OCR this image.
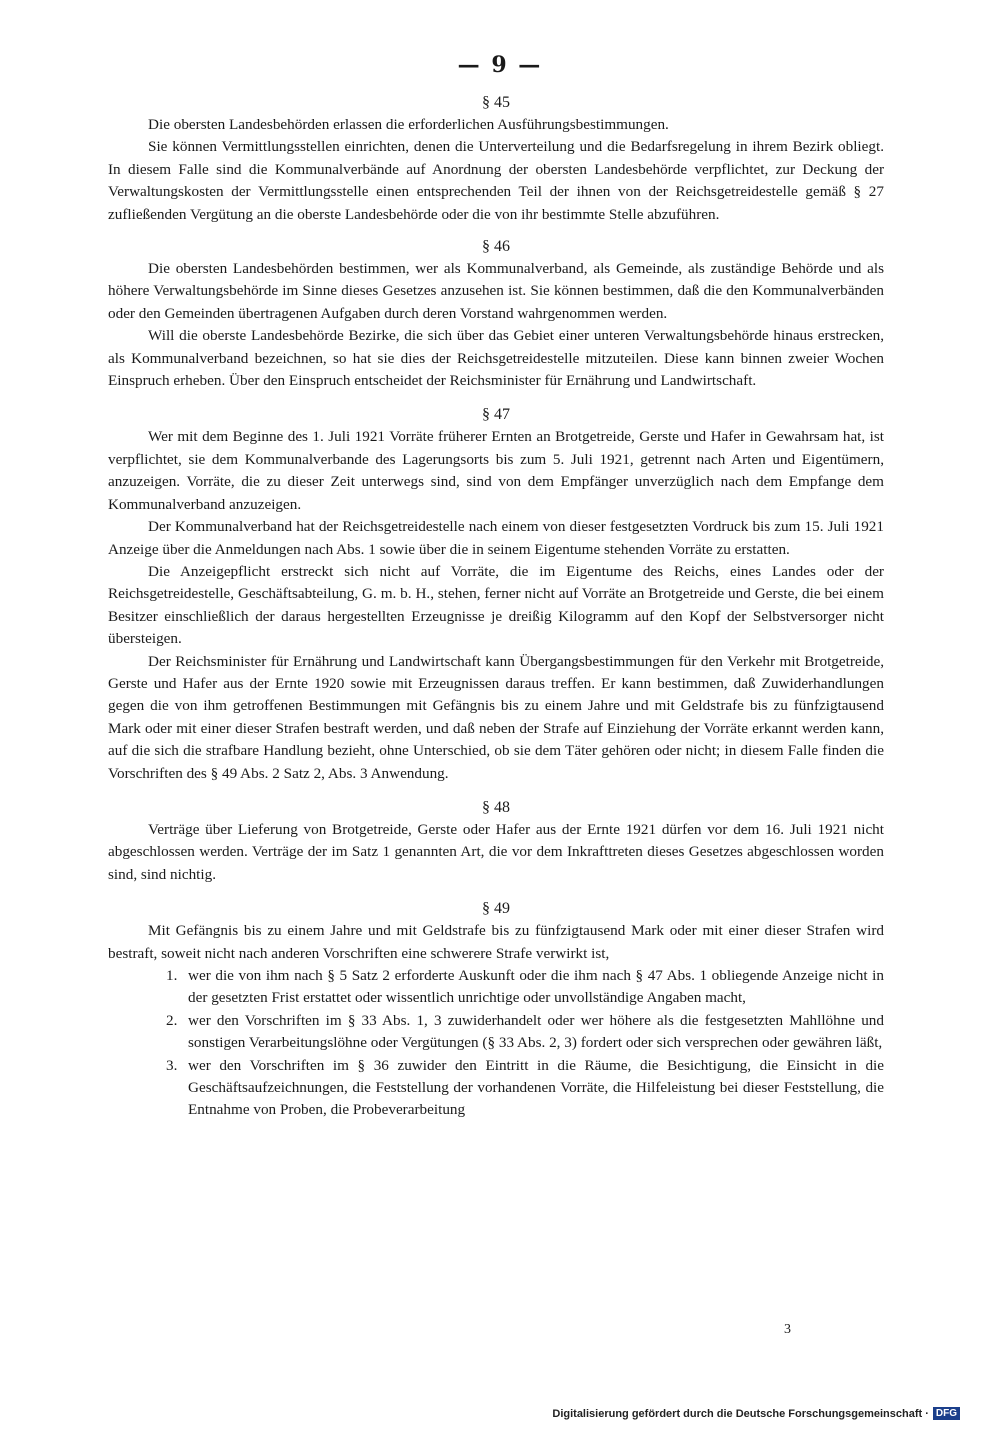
— 9 —
§ 45

Die obersten Landesbehörden erlassen die erforderlichen Ausführungsbestimmungen.

Sie können Vermittlungsstellen einrichten, denen die Unterverteilung und die Bedarfsregelung in ihrem Bezirk obliegt. In diesem Falle sind die Kommunalverbände auf Anordnung der obersten Landesbehörde verpflichtet, zur Deckung der Verwaltungskosten der Vermittlungsstelle einen entsprechenden Teil der ihnen von der Reichsgetreidestelle gemäß § 27 zufließenden Vergütung an die oberste Landesbehörde oder die von ihr bestimmte Stelle abzuführen.

§ 46

Die obersten Landesbehörden bestimmen, wer als Kommunalverband, als Gemeinde, als zuständige Behörde und als höhere Verwaltungsbehörde im Sinne dieses Gesetzes anzusehen ist. Sie können bestimmen, daß die den Kommunalverbänden oder den Gemeinden übertragenen Aufgaben durch deren Vorstand wahrgenommen werden.

Will die oberste Landesbehörde Bezirke, die sich über das Gebiet einer unteren Verwaltungsbehörde hinaus erstrecken, als Kommunalverband bezeichnen, so hat sie dies der Reichsgetreidestelle mitzuteilen. Diese kann binnen zweier Wochen Einspruch erheben. Über den Einspruch entscheidet der Reichsminister für Ernährung und Landwirtschaft.

§ 47

Wer mit dem Beginne des 1. Juli 1921 Vorräte früherer Ernten an Brotgetreide, Gerste und Hafer in Gewahrsam hat, ist verpflichtet, sie dem Kommunalverbande des Lagerungsorts bis zum 5. Juli 1921, getrennt nach Arten und Eigentümern, anzuzeigen. Vorräte, die zu dieser Zeit unterwegs sind, sind von dem Empfänger unverzüglich nach dem Empfange dem Kommunalverband anzuzeigen.

Der Kommunalverband hat der Reichsgetreidestelle nach einem von dieser festgesetzten Vordruck bis zum 15. Juli 1921 Anzeige über die Anmeldungen nach Abs. 1 sowie über die in seinem Eigentume stehenden Vorräte zu erstatten.

Die Anzeigepflicht erstreckt sich nicht auf Vorräte, die im Eigentume des Reichs, eines Landes oder der Reichsgetreidestelle, Geschäftsabteilung, G. m. b. H., stehen, ferner nicht auf Vorräte an Brotgetreide und Gerste, die bei einem Besitzer einschließlich der daraus hergestellten Erzeugnisse je dreißig Kilogramm auf den Kopf der Selbstversorger nicht übersteigen.

Der Reichsminister für Ernährung und Landwirtschaft kann Übergangsbestimmungen für den Verkehr mit Brotgetreide, Gerste und Hafer aus der Ernte 1920 sowie mit Erzeugnissen daraus treffen. Er kann bestimmen, daß Zuwiderhandlungen gegen die von ihm getroffenen Bestimmungen mit Gefängnis bis zu einem Jahre und mit Geldstrafe bis zu fünfzigtausend Mark oder mit einer dieser Strafen bestraft werden, und daß neben der Strafe auf Einziehung der Vorräte erkannt werden kann, auf die sich die strafbare Handlung bezieht, ohne Unterschied, ob sie dem Täter gehören oder nicht; in diesem Falle finden die Vorschriften des § 49 Abs. 2 Satz 2, Abs. 3 Anwendung.

§ 48

Verträge über Lieferung von Brotgetreide, Gerste oder Hafer aus der Ernte 1921 dürfen vor dem 16. Juli 1921 nicht abgeschlossen werden. Verträge der im Satz 1 genannten Art, die vor dem Inkrafttreten dieses Gesetzes abgeschlossen worden sind, sind nichtig.

§ 49

Mit Gefängnis bis zu einem Jahre und mit Geldstrafe bis zu fünfzigtausend Mark oder mit einer dieser Strafen wird bestraft, soweit nicht nach anderen Vorschriften eine schwerere Strafe verwirkt ist,

1. wer die von ihm nach § 5 Satz 2 erforderte Auskunft oder die ihm nach § 47 Abs. 1 obliegende Anzeige nicht in der gesetzten Frist erstattet oder wissentlich unrichtige oder unvollständige Angaben macht,
2. wer den Vorschriften im § 33 Abs. 1, 3 zuwiderhandelt oder wer höhere als die festgesetzten Mahllöhne und sonstigen Verarbeitungslöhne oder Vergütungen (§ 33 Abs. 2, 3) fordert oder sich versprechen oder gewähren läßt,
3. wer den Vorschriften im § 36 zuwider den Eintritt in die Räume, die Besichtigung, die Einsicht in die Geschäftsaufzeichnungen, die Feststellung der vorhandenen Vorräte, die Hilfeleistung bei dieser Feststellung, die Entnahme von Proben, die Probeverarbeitung
3
Digitalisierung gefördert durch die Deutsche Forschungsgemeinschaft · DFG
